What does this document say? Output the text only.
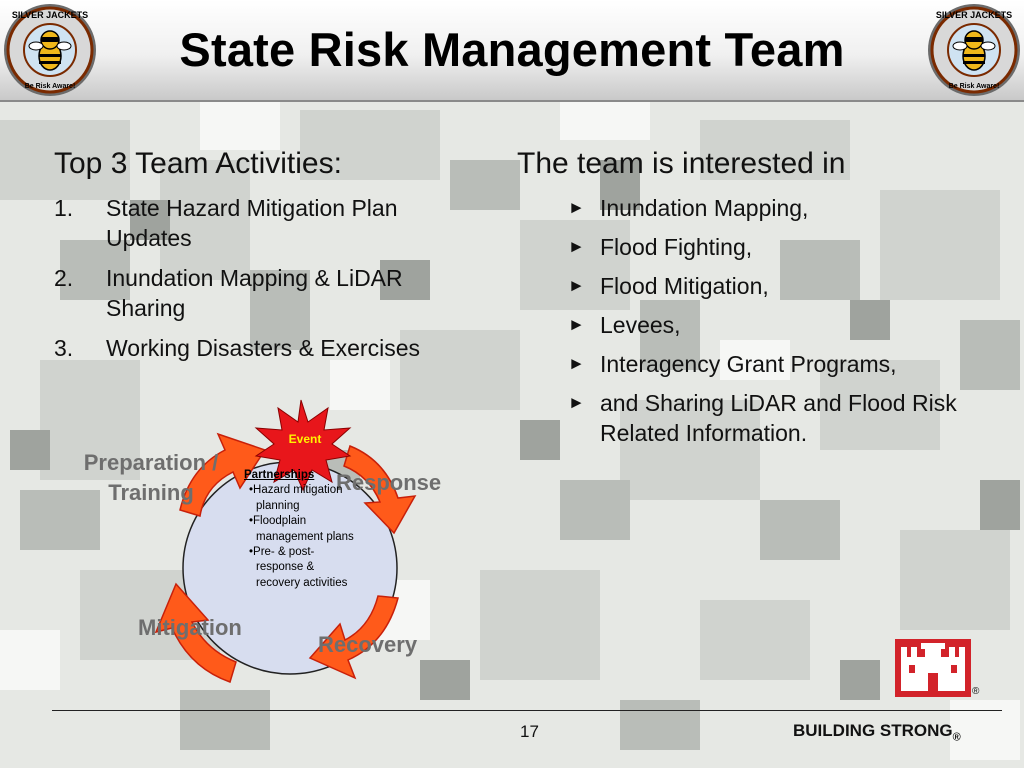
SILVER JACKETS
Be Risk Aware!
State Risk Management Team
SILVER JACKETS
Be Risk Aware!
Top 3 Team Activities:
1. State Hazard Mitigation Plan Updates
2. Inundation Mapping & LiDAR Sharing
3. Working Disasters & Exercises
The team is interested in
► Inundation Mapping,
► Flood Fighting,
► Flood Mitigation,
► Levees,
► Interagency Grant Programs,
► and Sharing LiDAR and Flood Risk Related Information.
Event
Preparation / Training	Response
Recovery
Mitigation
Partnerships
•Hazard mitigation planning
•Floodplain management plans
•Pre- & post-response & recovery activities
®
17	BUILDING $STRONG_®$
